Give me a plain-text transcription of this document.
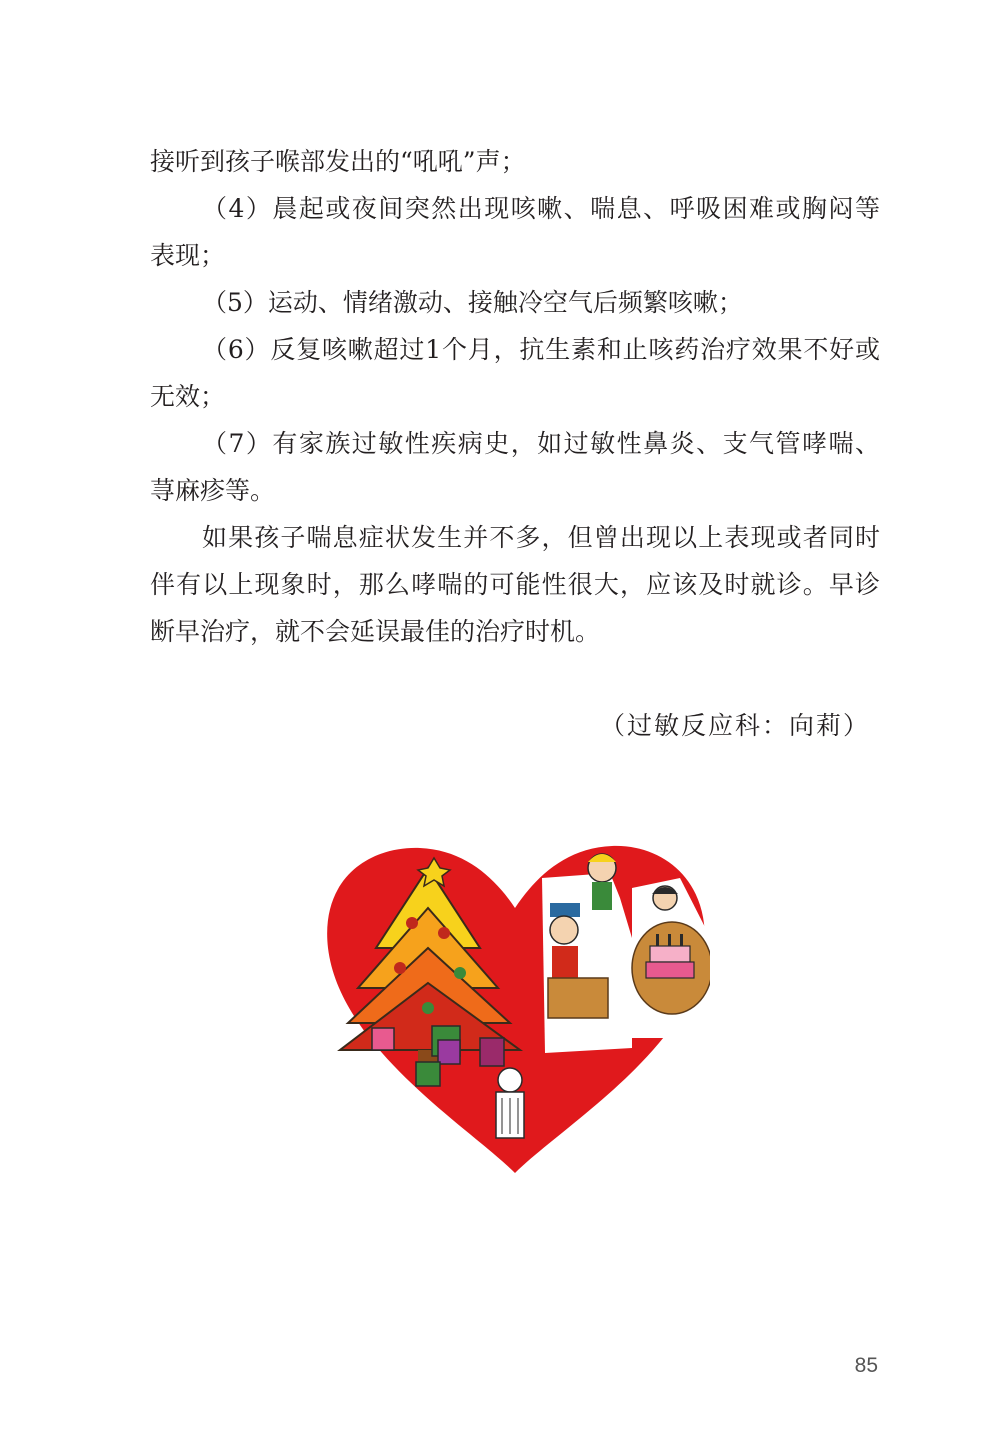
接听到孩子喉部发出的“吼吼”声；
（4）晨起或夜间突然出现咳嗽、喘息、呼吸困难或胸闷等
表现；
（5）运动、情绪激动、接触冷空气后频繁咳嗽；
（6）反复咳嗽超过1个月，抗生素和止咳药治疗效果不好或
无效；
（7）有家族过敏性疾病史，如过敏性鼻炎、支气管哮喘、
荨麻疹等。
如果孩子喘息症状发生并不多，但曾出现以上表现或者同时
伴有以上现象时，那么哮喘的可能性很大，应该及时就诊。早诊
断早治疗，就不会延误最佳的治疗时机。
（过敏反应科：向莉）
85
